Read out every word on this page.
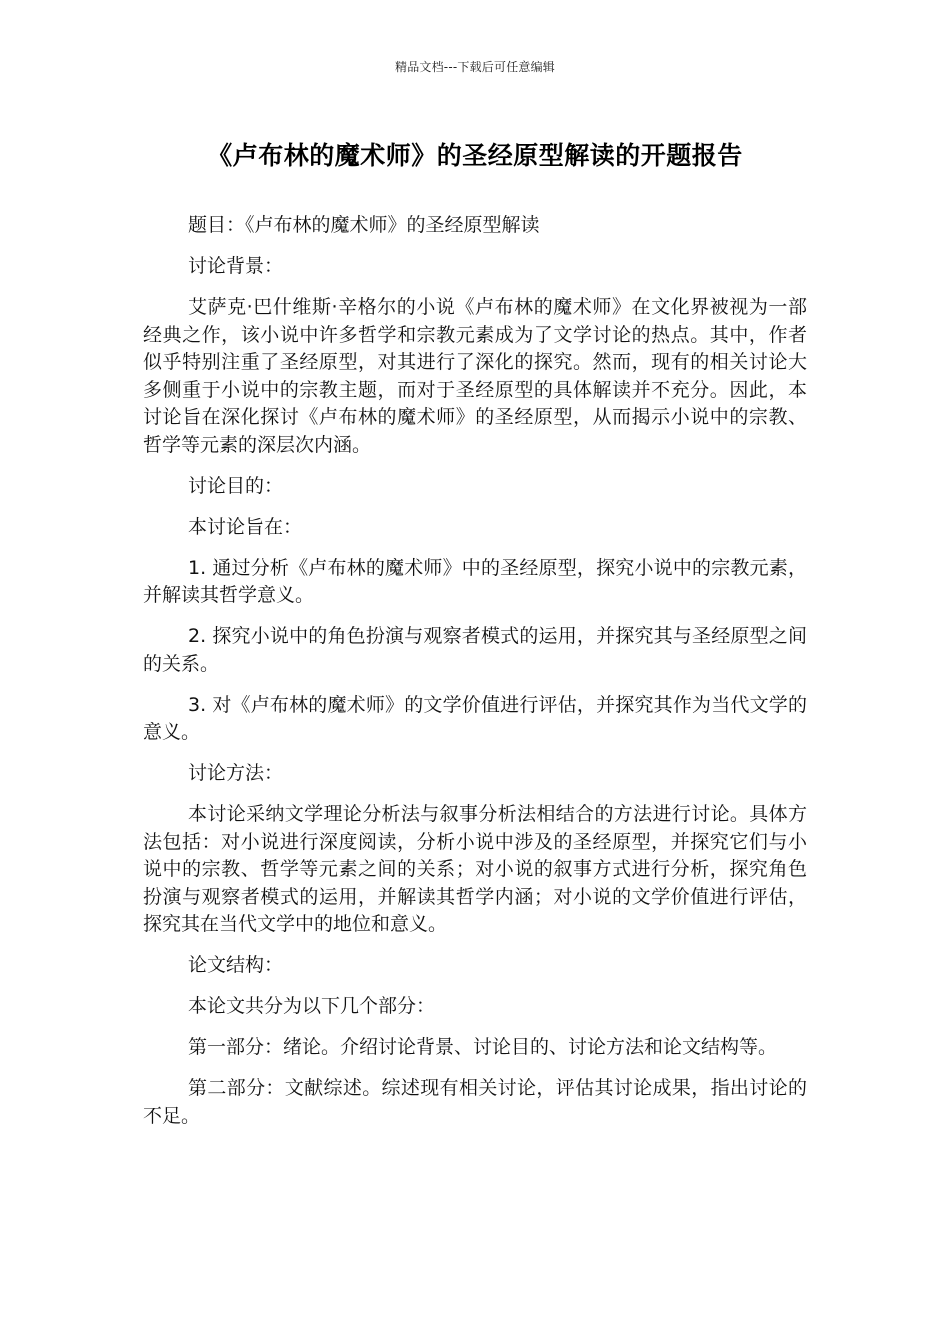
精品文档---下载后可任意编辑
《卢布林的魔术师》的圣经原型解读的开题报告

题目：《卢布林的魔术师》的圣经原型解读

讨论背景：

艾萨克·巴什维斯·辛格尔的小说《卢布林的魔术师》在文化界被视为一部经典之作，该小说中许多哲学和宗教元素成为了文学讨论的热点。其中，作者似乎特别注重了圣经原型，对其进行了深化的探究。然而，现有的相关讨论大多侧重于小说中的宗教主题，而对于圣经原型的具体解读并不充分。因此，本讨论旨在深化探讨《卢布林的魔术师》的圣经原型，从而揭示小说中的宗教、哲学等元素的深层次内涵。

讨论目的：

本讨论旨在：

1. 通过分析《卢布林的魔术师》中的圣经原型，探究小说中的宗教元素，并解读其哲学意义。

2. 探究小说中的角色扮演与观察者模式的运用，并探究其与圣经原型之间的关系。

3. 对《卢布林的魔术师》的文学价值进行评估，并探究其作为当代文学的意义。

讨论方法：

本讨论采纳文学理论分析法与叙事分析法相结合的方法进行讨论。具体方法包括：对小说进行深度阅读，分析小说中涉及的圣经原型，并探究它们与小说中的宗教、哲学等元素之间的关系；对小说的叙事方式进行分析，探究角色扮演与观察者模式的运用，并解读其哲学内涵；对小说的文学价值进行评估，探究其在当代文学中的地位和意义。

论文结构：

本论文共分为以下几个部分：

第一部分：绪论。介绍讨论背景、讨论目的、讨论方法和论文结构等。

第二部分：文献综述。综述现有相关讨论，评估其讨论成果，指出讨论的不足。
